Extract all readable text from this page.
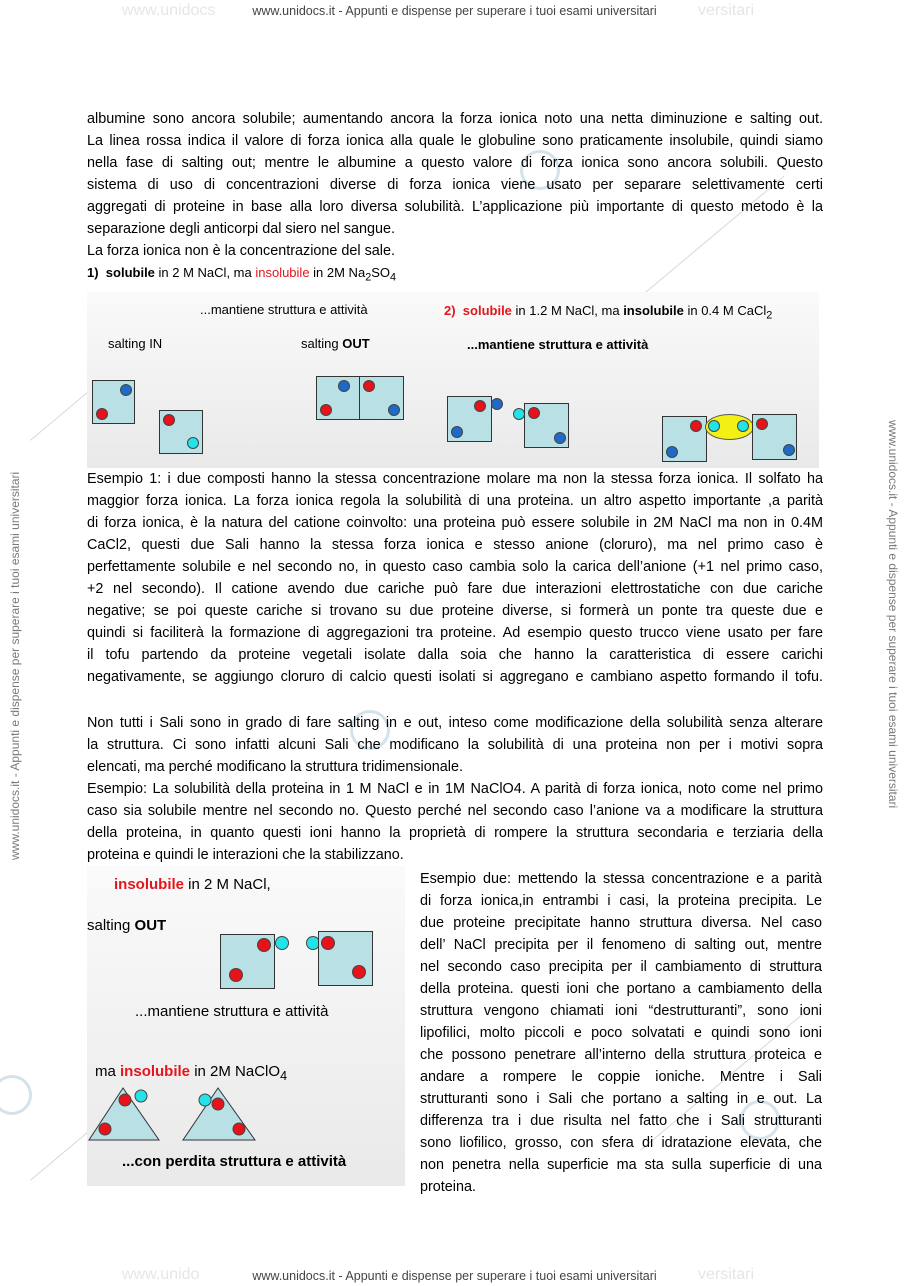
www.unidocs	versitari
www.unidocs.it - Appunti e dispense per superare i tuoi esami universitari
www.unido	versitari
www.unidocs.it - Appunti e dispense per superare i tuoi esami universitari
www.unidocs.it - Appunti e dispense per superare i tuoi esami universitari	www.unidocs.it - Appunti e dispense per superare i tuoi esami universitari
albumine sono ancora solubile; aumentando ancora la forza ionica noto una netta diminuzione e salting out.
La linea rossa indica il valore di forza ionica alla quale le globuline sono praticamente insolubile, quindi siamo
nella fase di salting out; mentre le albumine a questo valore di forza ionica sono ancora solubili. Questo
sistema di uso di concentrazioni diverse di forza ionica viene usato per separare selettivamente certi
aggregati di proteine in base alla loro diversa solubilità. L’applicazione più importante di questo metodo è la
separazione degli anticorpi dal siero nel sangue.
La forza ionica non è la concentrazione del sale.
1) solubile in 2 M NaCl, ma insolubile in 2M $Na_2SO_4$
...mantiene struttura e attività
salting IN	salting OUT
2) solubile in 1.2 M NaCl, ma insolubile in 0.4 M CaCl$_2$
...mantiene struttura e attività
Esempio 1: i due composti hanno la stessa concentrazione molare ma non la stessa forza ionica. Il solfato ha
maggior forza ionica. La forza ionica regola la solubilità di una proteina. un altro aspetto importante ,a parità
di forza ionica, è la natura del catione coinvolto: una proteina può essere solubile in 2M NaCl ma non in 0.4M
CaCl2, questi due Sali hanno la stessa forza ionica e stesso anione (cloruro), ma nel primo caso è
perfettamente solubile e nel secondo no, in questo caso cambia solo la carica dell’anione (+1 nel primo caso,
+2 nel secondo). Il catione avendo due cariche può fare due interazioni elettrostatiche con due cariche
negative; se poi queste cariche si trovano su due proteine diverse, si formerà un ponte tra queste due e
quindi si faciliterà la formazione di aggregazioni tra proteine. Ad esempio questo trucco viene usato per fare
il tofu partendo da proteine vegetali isolate dalla soia che hanno la caratteristica di essere carichi
negativamente, se aggiungo cloruro di calcio questi isolati si aggregano e cambiano aspetto formando il tofu.
Non tutti i Sali sono in grado di fare salting in e out, inteso come modificazione della solubilità senza alterare
la struttura. Ci sono infatti alcuni Sali che modificano la solubilità di una proteina non per i motivi sopra
elencati, ma perché modificano la struttura tridimensionale.
Esempio: La solubilità della proteina in 1 M NaCl e in 1M NaClO4. A parità di forza ionica, noto come nel primo
caso sia solubile mentre nel secondo no. Questo perché nel secondo caso l’anione va a modificare la struttura
della proteina, in quanto questi ioni hanno la proprietà di rompere la struttura secondaria e terziaria della
proteina e quindi le interazioni che la stabilizzano.
insolubile in 2 M NaCl,
salting OUT
...mantiene struttura e attività
ma insolubile in 2M NaClO$_4$
...con perdita struttura e attività
Esempio due: mettendo la stessa concentrazione e a parità
di forza ionica,in entrambi i casi, la proteina precipita. Le
due proteine precipitate hanno struttura diversa. Nel caso
dell’ NaCl precipita per il fenomeno di salting out, mentre
nel secondo caso precipita per il cambiamento di struttura
della proteina. questi ioni che portano a cambiamento della
struttura vengono chiamati ioni “destrutturanti”, sono ioni
lipofilici, molto piccoli e poco solvatati e quindi sono ioni
che possono penetrare all’interno della struttura proteica e
andare a rompere le coppie ioniche. Mentre i Sali
strutturanti sono i Sali che portano a salting in e out. La
differenza tra i due risulta nel fatto che i Sali strutturanti
sono liofilico, grosso, con sfera di idratazione elevata, che
non penetra nella superficie ma sta sulla superficie di una
proteina.
